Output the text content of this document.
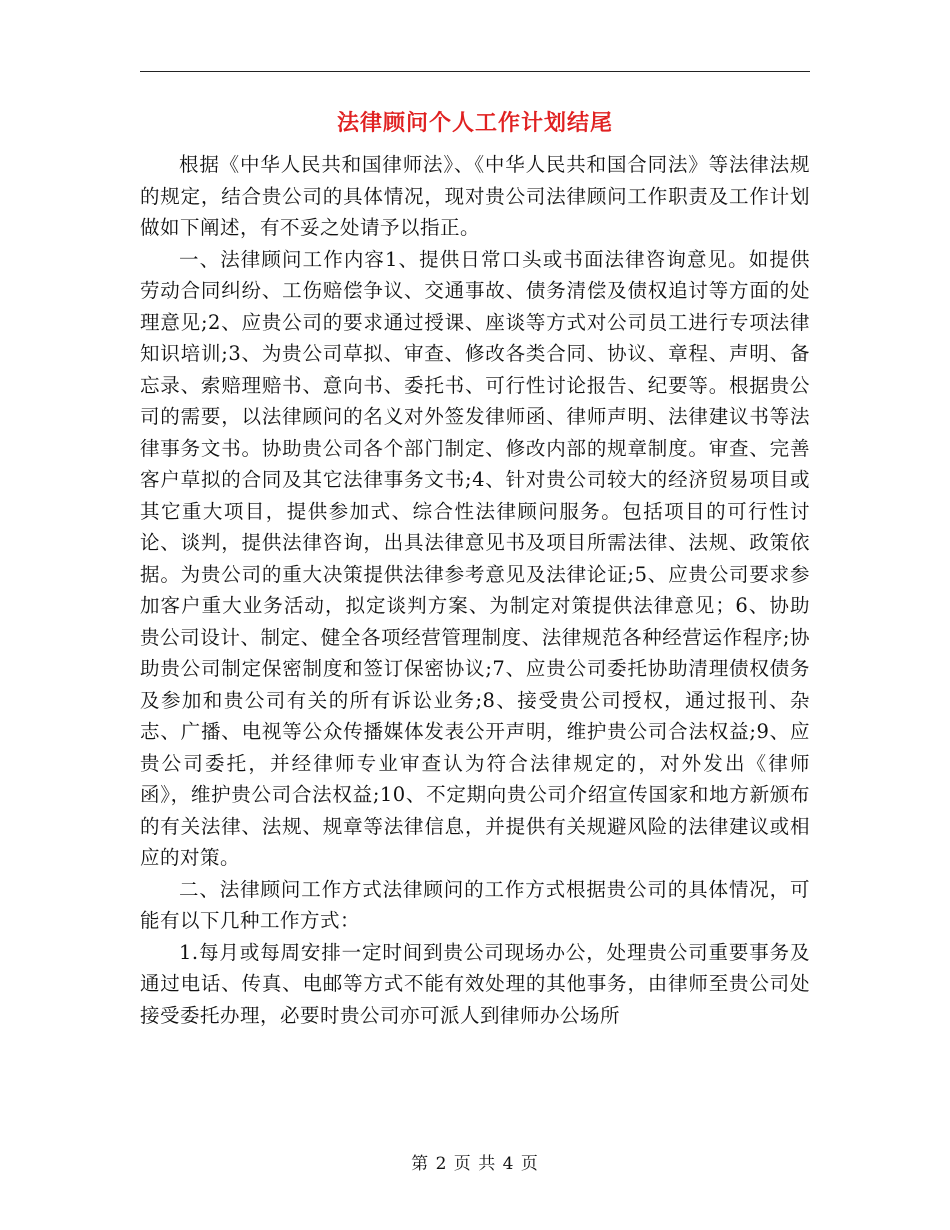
法律顾问个人工作计划结尾

根据《中华人民共和国律师法》、《中华人民共和国合同法》等法律法规的规定，结合贵公司的具体情况，现对贵公司法律顾问工作职责及工作计划做如下阐述，有不妥之处请予以指正。

一、法律顾问工作内容1、提供日常口头或书面法律咨询意见。如提供劳动合同纠纷、工伤赔偿争议、交通事故、债务清偿及债权追讨等方面的处理意见;2、应贵公司的要求通过授课、座谈等方式对公司员工进行专项法律知识培训;3、为贵公司草拟、审查、修改各类合同、协议、章程、声明、备忘录、索赔理赔书、意向书、委托书、可行性讨论报告、纪要等。根据贵公司的需要，以法律顾问的名义对外签发律师函、律师声明、法律建议书等法律事务文书。协助贵公司各个部门制定、修改内部的规章制度。审查、完善客户草拟的合同及其它法律事务文书;4、针对贵公司较大的经济贸易项目或其它重大项目，提供参加式、综合性法律顾问服务。包括项目的可行性讨论、谈判，提供法律咨询，出具法律意见书及项目所需法律、法规、政策依据。为贵公司的重大决策提供法律参考意见及法律论证;5、应贵公司要求参加客户重大业务活动，拟定谈判方案、为制定对策提供法律意见；6、协助贵公司设计、制定、健全各项经营管理制度、法律规范各种经营运作程序;协助贵公司制定保密制度和签订保密协议;7、应贵公司委托协助清理债权债务及参加和贵公司有关的所有诉讼业务;8、接受贵公司授权，通过报刊、杂志、广播、电视等公众传播媒体发表公开声明，维护贵公司合法权益;9、应贵公司委托，并经律师专业审查认为符合法律规定的，对外发出《律师函》，维护贵公司合法权益;10、不定期向贵公司介绍宣传国家和地方新颁布的有关法律、法规、规章等法律信息，并提供有关规避风险的法律建议或相应的对策。

二、法律顾问工作方式法律顾问的工作方式根据贵公司的具体情况，可能有以下几种工作方式：

1.每月或每周安排一定时间到贵公司现场办公，处理贵公司重要事务及通过电话、传真、电邮等方式不能有效处理的其他事务，由律师至贵公司处接受委托办理，必要时贵公司亦可派人到律师办公场所

第 2 页 共 4 页
